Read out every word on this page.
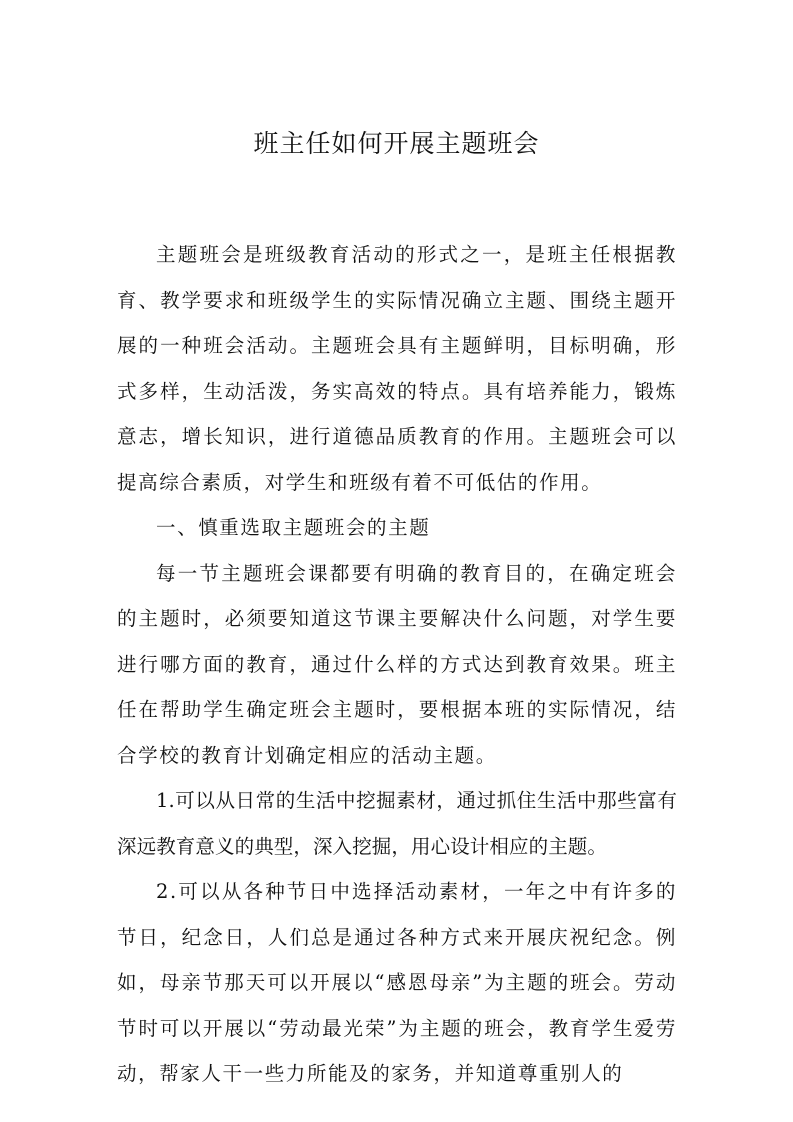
班主任如何开展主题班会

主题班会是班级教育活动的形式之一，是班主任根据教育、教学要求和班级学生的实际情况确立主题、围绕主题开展的一种班会活动。主题班会具有主题鲜明，目标明确，形式多样，生动活泼，务实高效的特点。具有培养能力，锻炼意志，增长知识，进行道德品质教育的作用。主题班会可以提高综合素质，对学生和班级有着不可低估的作用。

一、慎重选取主题班会的主题

每一节主题班会课都要有明确的教育目的，在确定班会的主题时，必须要知道这节课主要解决什么问题，对学生要进行哪方面的教育，通过什么样的方式达到教育效果。班主任在帮助学生确定班会主题时，要根据本班的实际情况，结合学校的教育计划确定相应的活动主题。

1.可以从日常的生活中挖掘素材，通过抓住生活中那些富有深远教育意义的典型，深入挖掘，用心设计相应的主题。

2.可以从各种节日中选择活动素材，一年之中有许多的节日，纪念日，人们总是通过各种方式来开展庆祝纪念。例如，母亲节那天可以开展以“感恩母亲”为主题的班会。劳动节时可以开展以“劳动最光荣”为主题的班会，教育学生爱劳动，帮家人干一些力所能及的家务，并知道尊重别人的
